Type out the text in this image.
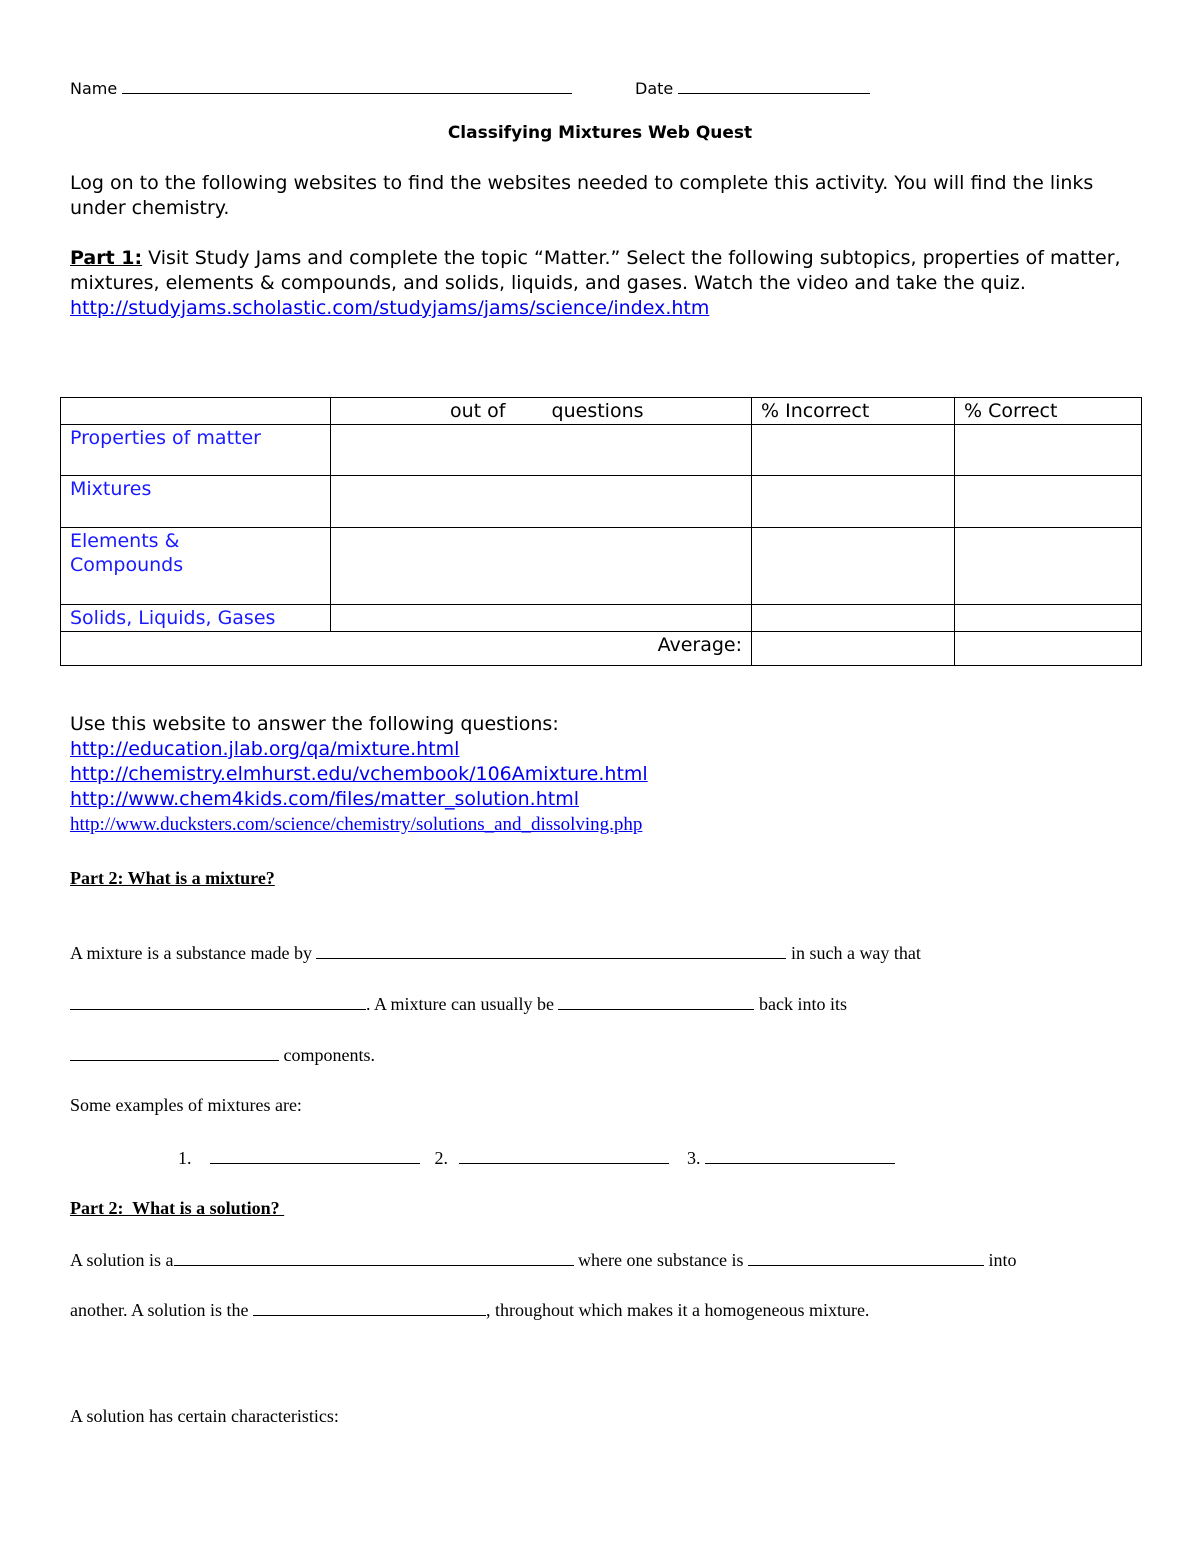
Name	Date
Classifying Mixtures Web Quest
Log on to the following websites to find the websites needed to complete this activity. You will find the links under chemistry.
Part 1: Visit Study Jams and complete the topic “Matter.” Select the following subtopics, properties of matter, mixtures, elements & compounds, and solids, liquids, and gases. Watch the video and take the quiz.
http://studyjams.scholastic.com/studyjams/jams/science/index.htm
	out of questions	% Incorrect	% Correct
Properties of matter			
Mixtures			

Elements & Compounds			

Solids, Liquids, Gases			
Average:			
Use this website to answer the following questions:
http://education.jlab.org/qa/mixture.html
http://chemistry.elmhurst.edu/vchembook/106Amixture.html
http://www.chem4kids.com/files/matter_solution.html
http://www.ducksters.com/science/chemistry/solutions_and_dissolving.php
Part 2: What is a mixture?
A mixture is a substance made by	in such a way that
. A mixture can usually be	back into its
components.
Some examples of mixtures are:
1.	2.	3.
Part 2:  What is a solution?
A solution is a	where one substance is	into
another. A solution is the	, throughout which makes it a homogeneous mixture.
A solution has certain characteristics:
